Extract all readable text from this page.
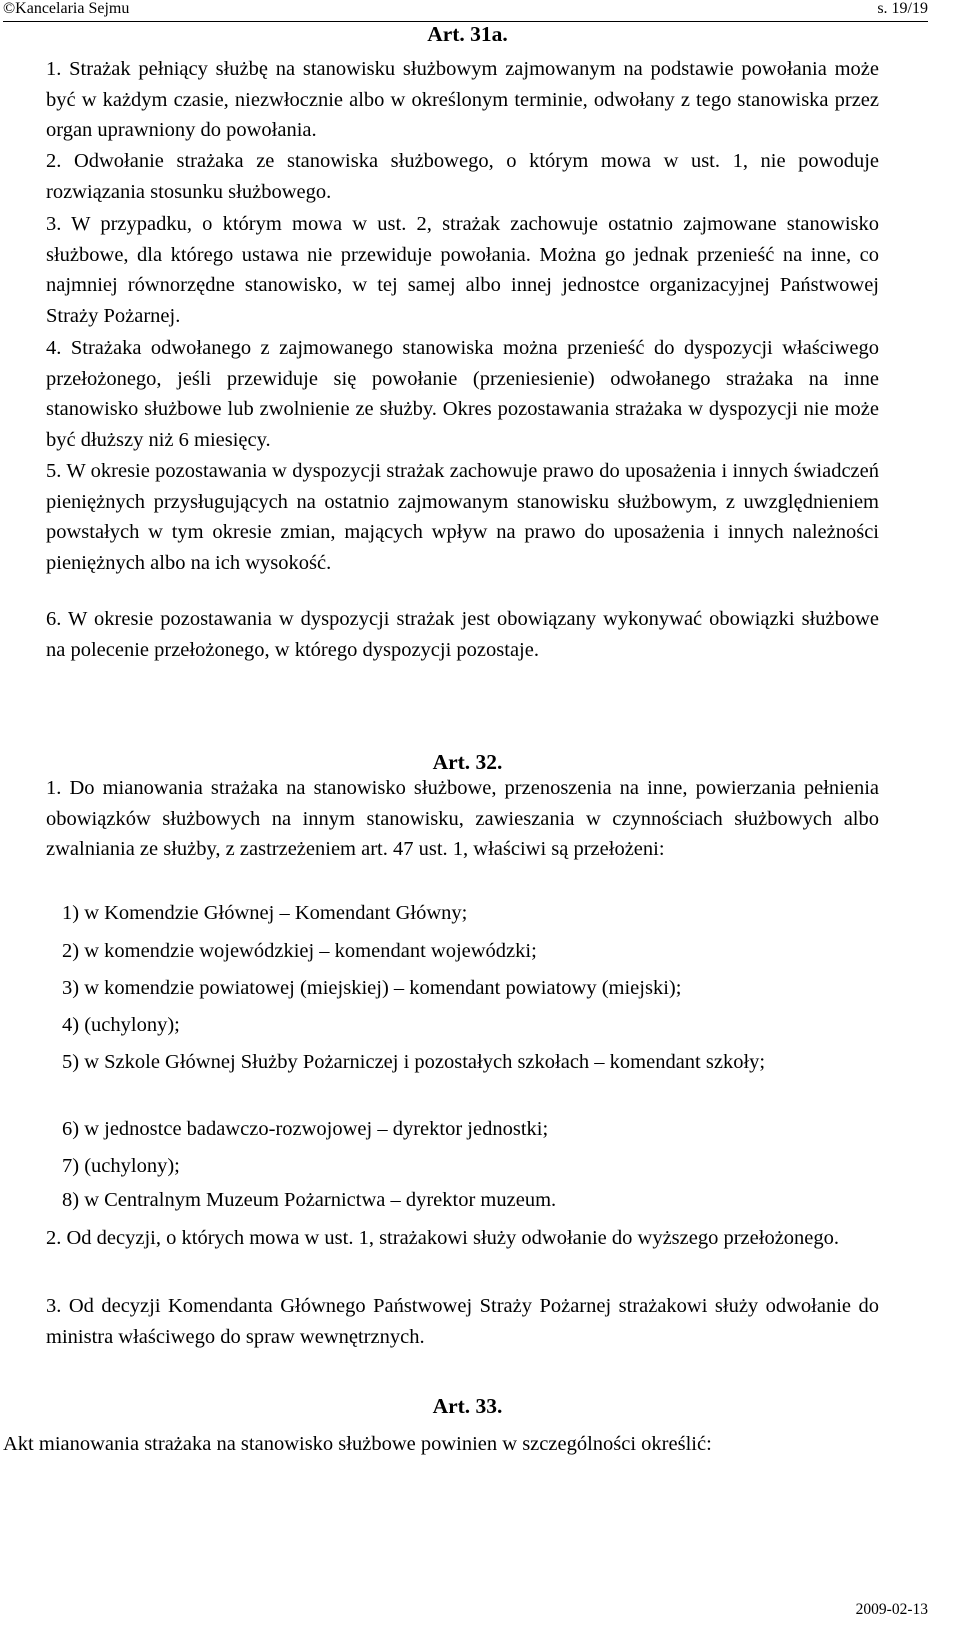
©Kancelaria Sejmu	s. 19/19
Art. 31a.

1. Strażak pełniący służbę na stanowisku służbowym zajmowanym na podstawie powołania może być w każdym czasie, niezwłocznie albo w określonym terminie, odwołany z tego stanowiska przez organ uprawniony do powołania.

2. Odwołanie strażaka ze stanowiska służbowego, o którym mowa w ust. 1, nie powoduje rozwiązania stosunku służbowego.

3. W przypadku, o którym mowa w ust. 2, strażak zachowuje ostatnio zajmowane stanowisko służbowe, dla którego ustawa nie przewiduje powołania. Można go jednak przenieść na inne, co najmniej równorzędne stanowisko, w tej samej albo innej jednostce organizacyjnej Państwowej Straży Pożarnej.

4. Strażaka odwołanego z zajmowanego stanowiska można przenieść do dyspozycji właściwego przełożonego, jeśli przewiduje się powołanie (przeniesienie) odwołanego strażaka na inne stanowisko służbowe lub zwolnienie ze służby. Okres pozostawania strażaka w dyspozycji nie może być dłuższy niż 6 miesięcy.

5. W okresie pozostawania w dyspozycji strażak zachowuje prawo do uposażenia i innych świadczeń pieniężnych przysługujących na ostatnio zajmowanym stanowisku służbowym, z uwzględnieniem powstałych w tym okresie zmian, mających wpływ na prawo do uposażenia i innych należności pieniężnych albo na ich wysokość.

6. W okresie pozostawania w dyspozycji strażak jest obowiązany wykonywać obowiązki służbowe na polecenie przełożonego, w którego dyspozycji pozostaje.

Art. 32.

1. Do mianowania strażaka na stanowisko służbowe, przenoszenia na inne, powierzania pełnienia obowiązków służbowych na innym stanowisku, zawieszania w czynnościach służbowych albo zwalniania ze służby, z zastrzeżeniem art. 47 ust. 1, właściwi są przełożeni:

1) w Komendzie Głównej – Komendant Główny;

2) w komendzie wojewódzkiej – komendant wojewódzki;

3) w komendzie powiatowej (miejskiej) – komendant powiatowy (miejski);

4) (uchylony);

5) w Szkole Głównej Służby Pożarniczej i pozostałych szkołach – komendant szkoły;

6) w jednostce badawczo-rozwojowej – dyrektor jednostki;

7) (uchylony);

8) w Centralnym Muzeum Pożarnictwa – dyrektor muzeum.

2. Od decyzji, o których mowa w ust. 1, strażakowi służy odwołanie do wyższego przełożonego.

3. Od decyzji Komendanta Głównego Państwowej Straży Pożarnej strażakowi służy odwołanie do ministra właściwego do spraw wewnętrznych.

Art. 33.

Akt mianowania strażaka na stanowisko służbowe powinien w szczególności określić:

2009-02-13
